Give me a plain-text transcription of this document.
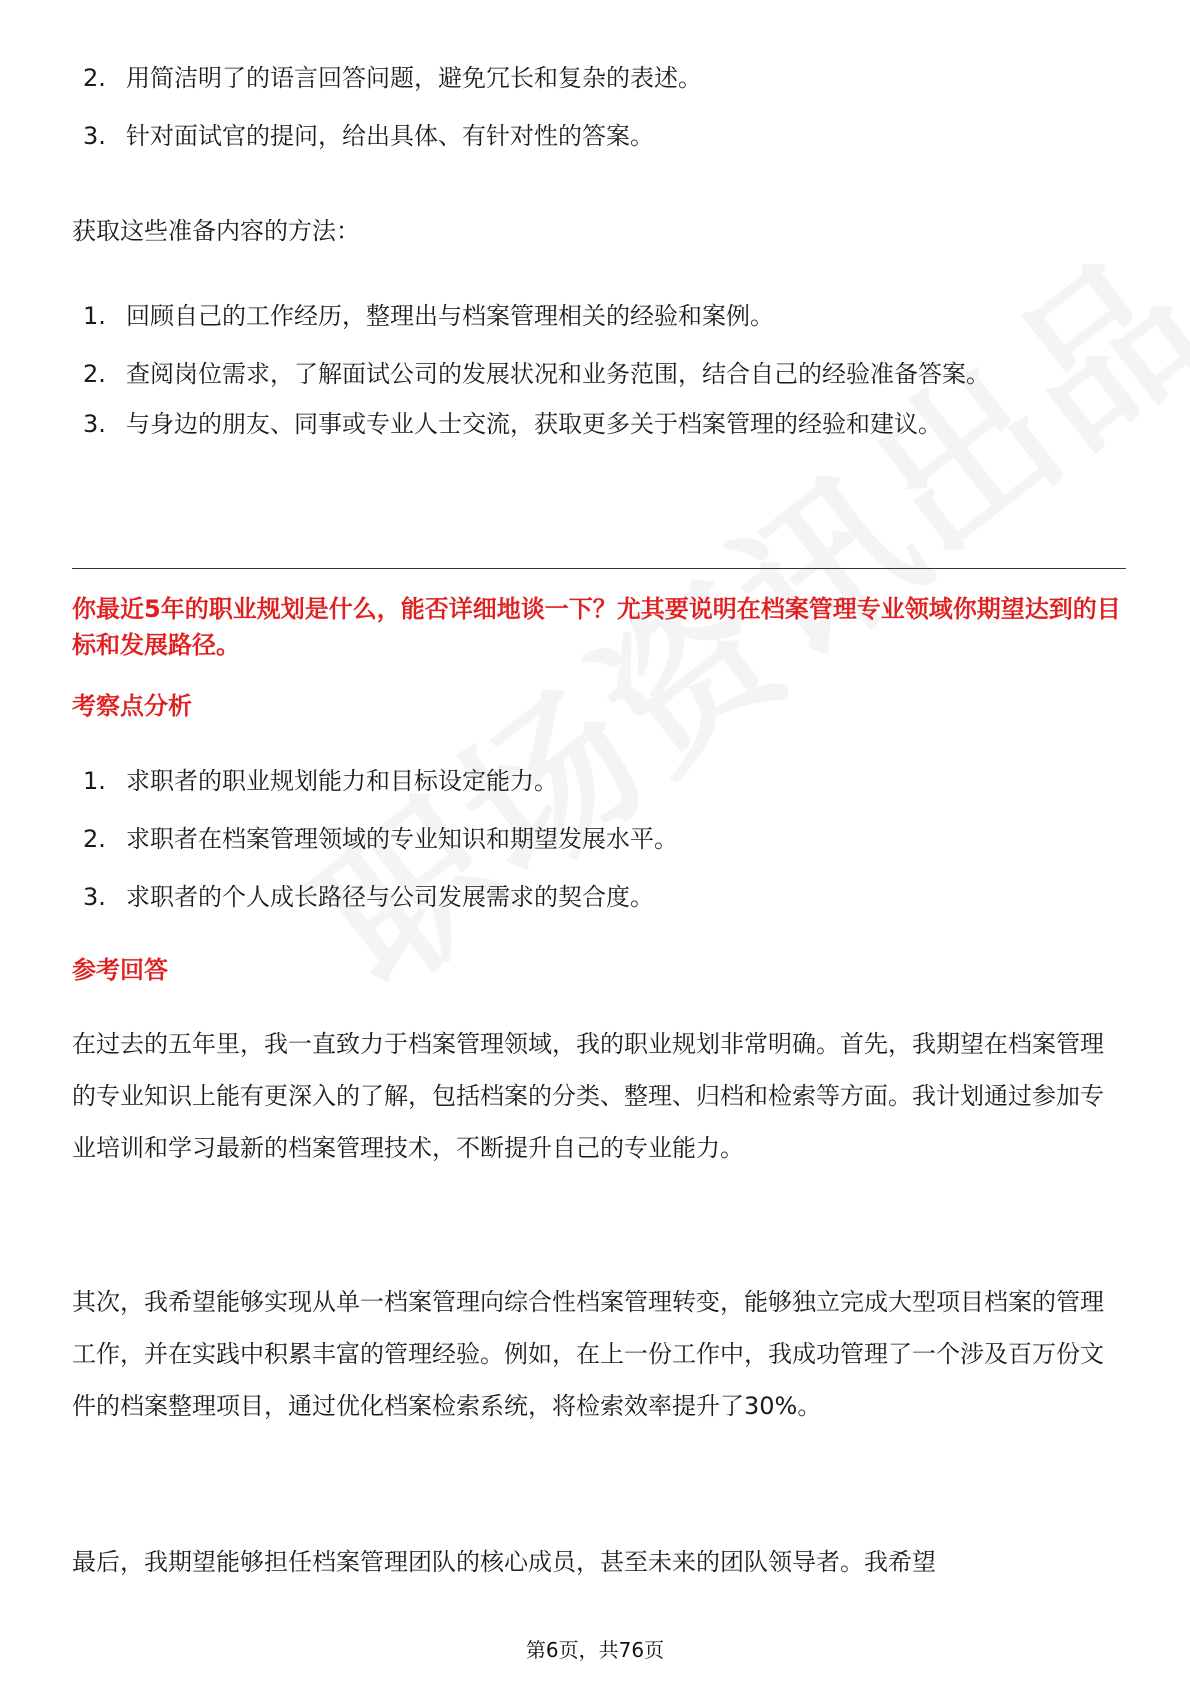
2. 用简洁明了的语言回答问题，避免冗长和复杂的表述。
3. 针对面试官的提问，给出具体、有针对性的答案。

获取这些准备内容的方法：

1. 回顾自己的工作经历，整理出与档案管理相关的经验和案例。
2. 查阅岗位需求，了解面试公司的发展状况和业务范围，结合自己的经验准备答案。
3. 与身边的朋友、同事或专业人士交流，获取更多关于档案管理的经验和建议。

你最近5年的职业规划是什么，能否详细地谈一下？尤其要说明在档案管理专业领域你期望达到的目标和发展路径。

考察点分析

1. 求职者的职业规划能力和目标设定能力。
2. 求职者在档案管理领域的专业知识和期望发展水平。
3. 求职者的个人成长路径与公司发展需求的契合度。

参考回答

在过去的五年里，我一直致力于档案管理领域，我的职业规划非常明确。首先，我期望在档案管理的专业知识上能有更深入的了解，包括档案的分类、整理、归档和检索等方面。我计划通过参加专业培训和学习最新的档案管理技术，不断提升自己的专业能力。

其次，我希望能够实现从单一档案管理向综合性档案管理转变，能够独立完成大型项目档案的管理工作，并在实践中积累丰富的管理经验。例如，在上一份工作中，我成功管理了一个涉及百万份文件的档案整理项目，通过优化档案检索系统，将检索效率提升了30%。

最后，我期望能够担任档案管理团队的核心成员，甚至未来的团队领导者。我希望

第6页，共76页
